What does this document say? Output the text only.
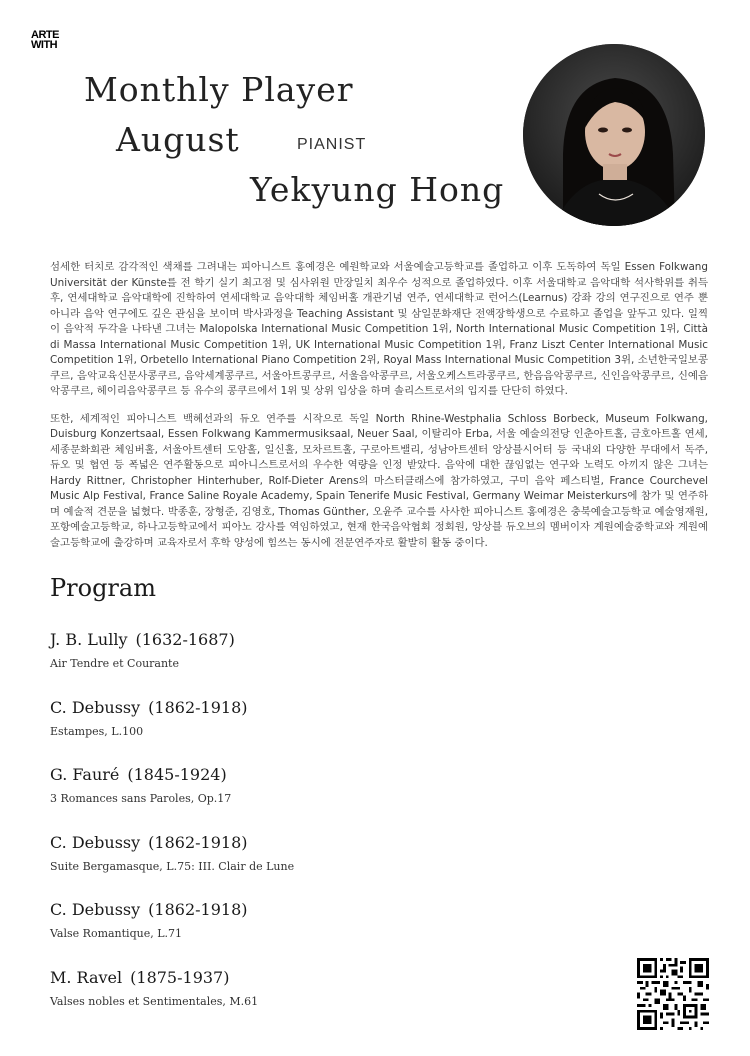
ARTE
WITH
Monthly Player
August	PIANIST
Yekyung Hong

섬세한 터치로 감각적인 색채를 그려내는 피아니스트 홍예경은 예원학교와 서울예술고등학교를 졸업하고 이후 도독하여 독일 Essen Folkwang Universität der Künste를 전 학기 실기 최고점 및 심사위원 만장일치 최우수 성적으로 졸업하였다. 이후 서울대학교 음악대학 석사학위를 취득 후, 연세대학교 음악대학에 진학하여 연세대학교 음악대학 체임버홀 개관기념 연주, 연세대학교 런어스(Learnus) 강좌 강의 연구진으로 연주 뿐 아니라 음악 연구에도 깊은 관심을 보이며 박사과정을 Teaching Assistant 및 삼일문화재단 전액장학생으로 수료하고 졸업을 앞두고 있다. 일찍이 음악적 두각을 나타낸 그녀는 Malopolska International Music Competition 1위, North International Music Competition 1위, Città di Massa International Music Competition 1위, UK International Music Competition 1위, Franz Liszt Center International Music Competition 1위, Orbetello International Piano Competition 2위, Royal Mass International Music Competition 3위, 소년한국일보콩쿠르, 음악교육신문사콩쿠르, 음악세계콩쿠르, 서울아트콩쿠르, 서울음악콩쿠르, 서울오케스트라콩쿠르, 한음음악콩쿠르, 신인음악콩쿠르, 신예음악콩쿠르, 헤이리음악콩쿠르 등 유수의 콩쿠르에서 1위 및 상위 입상을 하며 솔리스트로서의 입지를 단단히 하였다.

또한, 세계적인 피아니스트 백혜선과의 듀오 연주를 시작으로 독일 North Rhine-Westphalia Schloss Borbeck, Museum Folkwang, Duisburg Konzertsaal, Essen Folkwang Kammermusiksaal, Neuer Saal, 이탈리아 Erba, 서울 예술의전당 인춘아트홀, 금호아트홀 연세, 세종문화회관 체임버홀, 서울아트센터 도암홀, 일신홀, 모차르트홀, 구로아트밸리, 성남아트센터 앙상블시어터 등 국내외 다양한 무대에서 독주, 듀오 및 협연 등 폭넓은 연주활동으로 피아니스트로서의 우수한 역량을 인정 받았다. 음악에 대한 끊임없는 연구와 노력도 아끼지 않은 그녀는 Hardy Rittner, Christopher Hinterhuber, Rolf-Dieter Arens의 마스터클래스에 참가하였고, 구미 음악 페스티벌, France Courchevel Music Alp Festival, France Saline Royale Academy, Spain Tenerife Music Festival, Germany Weimar Meisterkurs에 참가 및 연주하며 예술적 견문을 넓혔다. 박종훈, 장형준, 김영호, Thomas Günther, 오윤주 교수를 사사한 피아니스트 홍예경은 충북예술고등학교 예술영재원, 포항예술고등학교, 하나고등학교에서 피아노 강사를 역임하였고, 현재 한국음악협회 정회원, 앙상블 듀오브의 멤버이자 계원예술중학교와 계원예술고등학교에 출강하며 교육자로서 후학 양성에 힘쓰는 동시에 전문연주자로 활발히 활동 중이다.

Program
J. B. Lully (1632-1687)
Air Tendre et Courante
C. Debussy (1862-1918)
Estampes, L.100
G. Fauré (1845-1924)
3 Romances sans Paroles, Op.17
C. Debussy (1862-1918)
Suite Bergamasque, L.75: III. Clair de Lune
C. Debussy (1862-1918)
Valse Romantique, L.71
M. Ravel (1875-1937)
Valses nobles et Sentimentales, M.61
